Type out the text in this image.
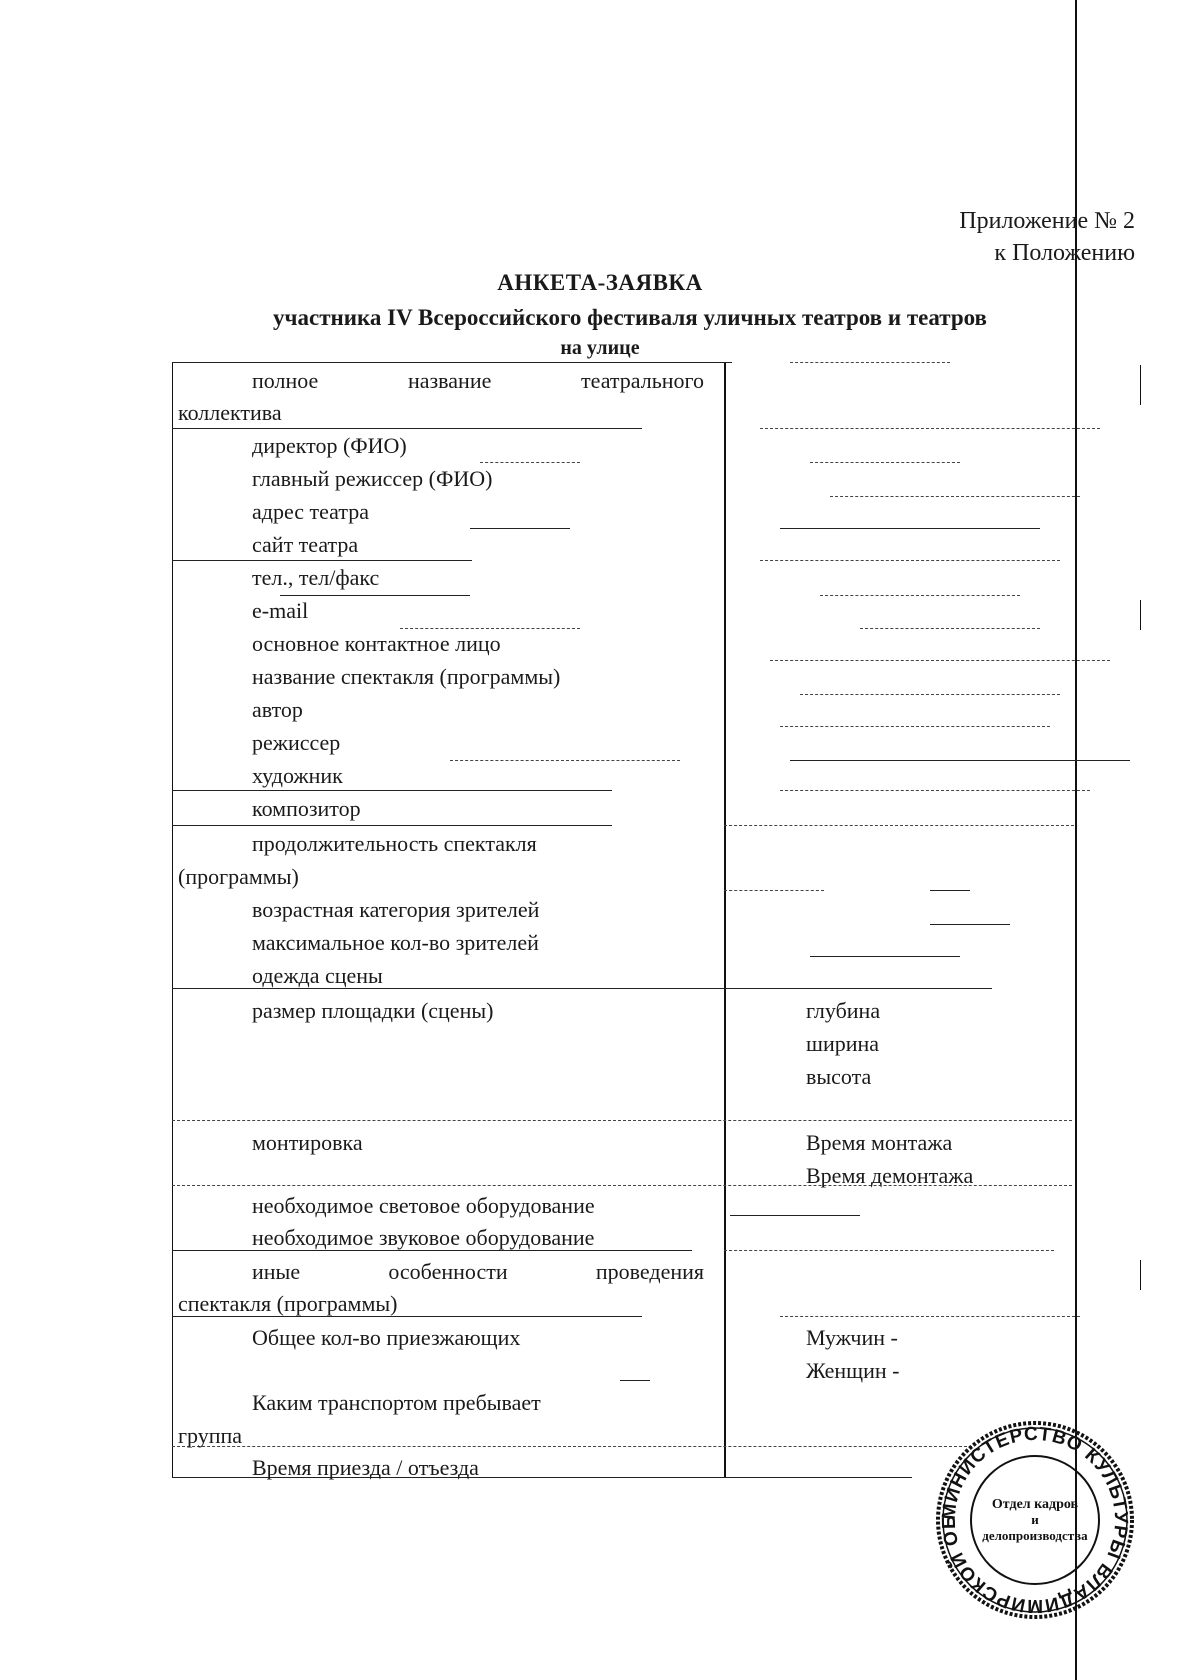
Приложение № 2
к Положению
АНКЕТА-ЗАЯВКА
участника IV Всероссийского фестиваля уличных театров и театров
на улице
полное название театрального
коллектива
директор (ФИО)
главный режиссер (ФИО)
адрес театра
сайт театра
тел., тел/факс
e-mail
основное контактное лицо
название спектакля (программы)
автор
режиссер
художник
композитор
продолжительность спектакля
(программы)
возрастная категория зрителей
максимальное кол-во зрителей
одежда сцены
размер площадки (сцены)
монтировка
необходимое световое оборудование
необходимое звуковое оборудование
иные особенности проведения
спектакля (программы)
Общее кол-во приезжающих
Каким транспортом пребывает
группа
Время приезда / отъезда
глубина
ширина
высота
Время монтажа
Время демонтажа
Мужчин -
Женщин -
МИНИСТЕРСТВО КУЛЬТУРЫ ВЛАДИМИРСКОЙ ОБ
Отдел кадров
и
делопроизводства
